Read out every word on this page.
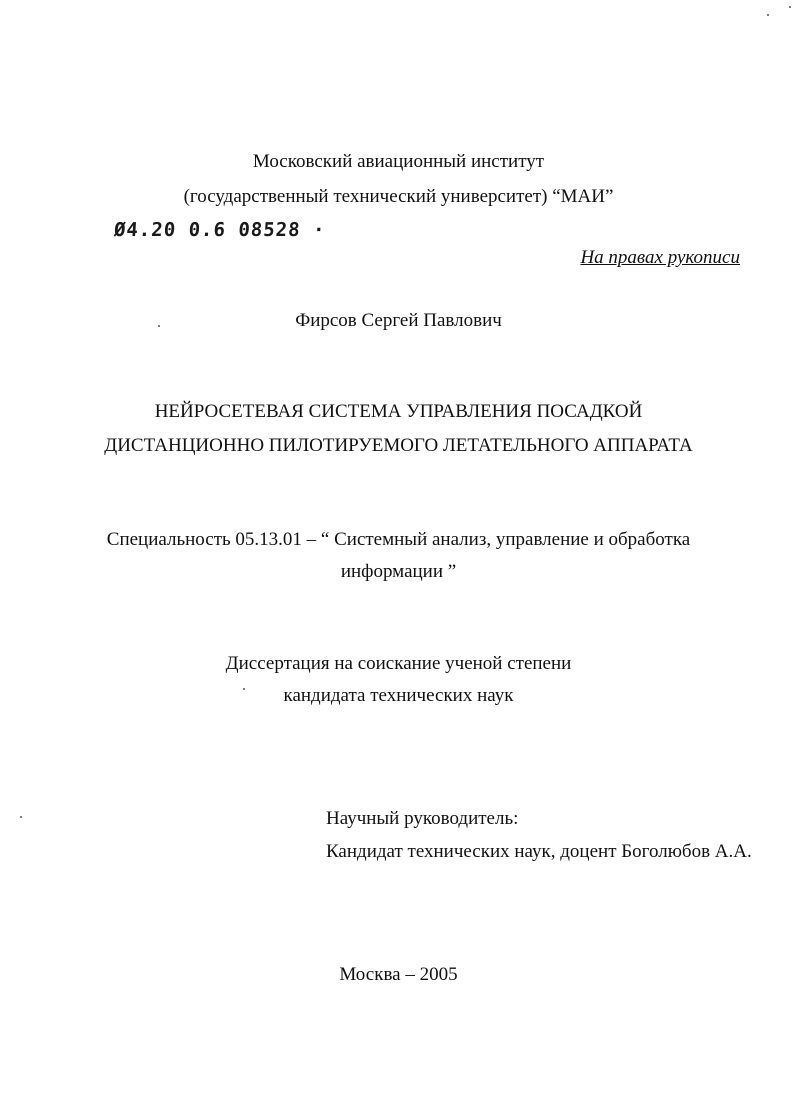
Московский авиационный институт
(государственный технический университет) “МАИ”
Ø4.20 0.6 08528 ·
На правах рукописи
Фирсов Сергей Павлович
НЕЙРОСЕТЕВАЯ СИСТЕМА УПРАВЛЕНИЯ ПОСАДКОЙ
ДИСТАНЦИОННО ПИЛОТИРУЕМОГО ЛЕТАТЕЛЬНОГО АППАРАТА
Специальность 05.13.01 – “ Системный анализ, управление и обработка
информации ”
Диссертация на соискание ученой степени
кандидата технических наук
Научный руководитель:
Кандидат технических наук, доцент Боголюбов А.А.
Москва – 2005
